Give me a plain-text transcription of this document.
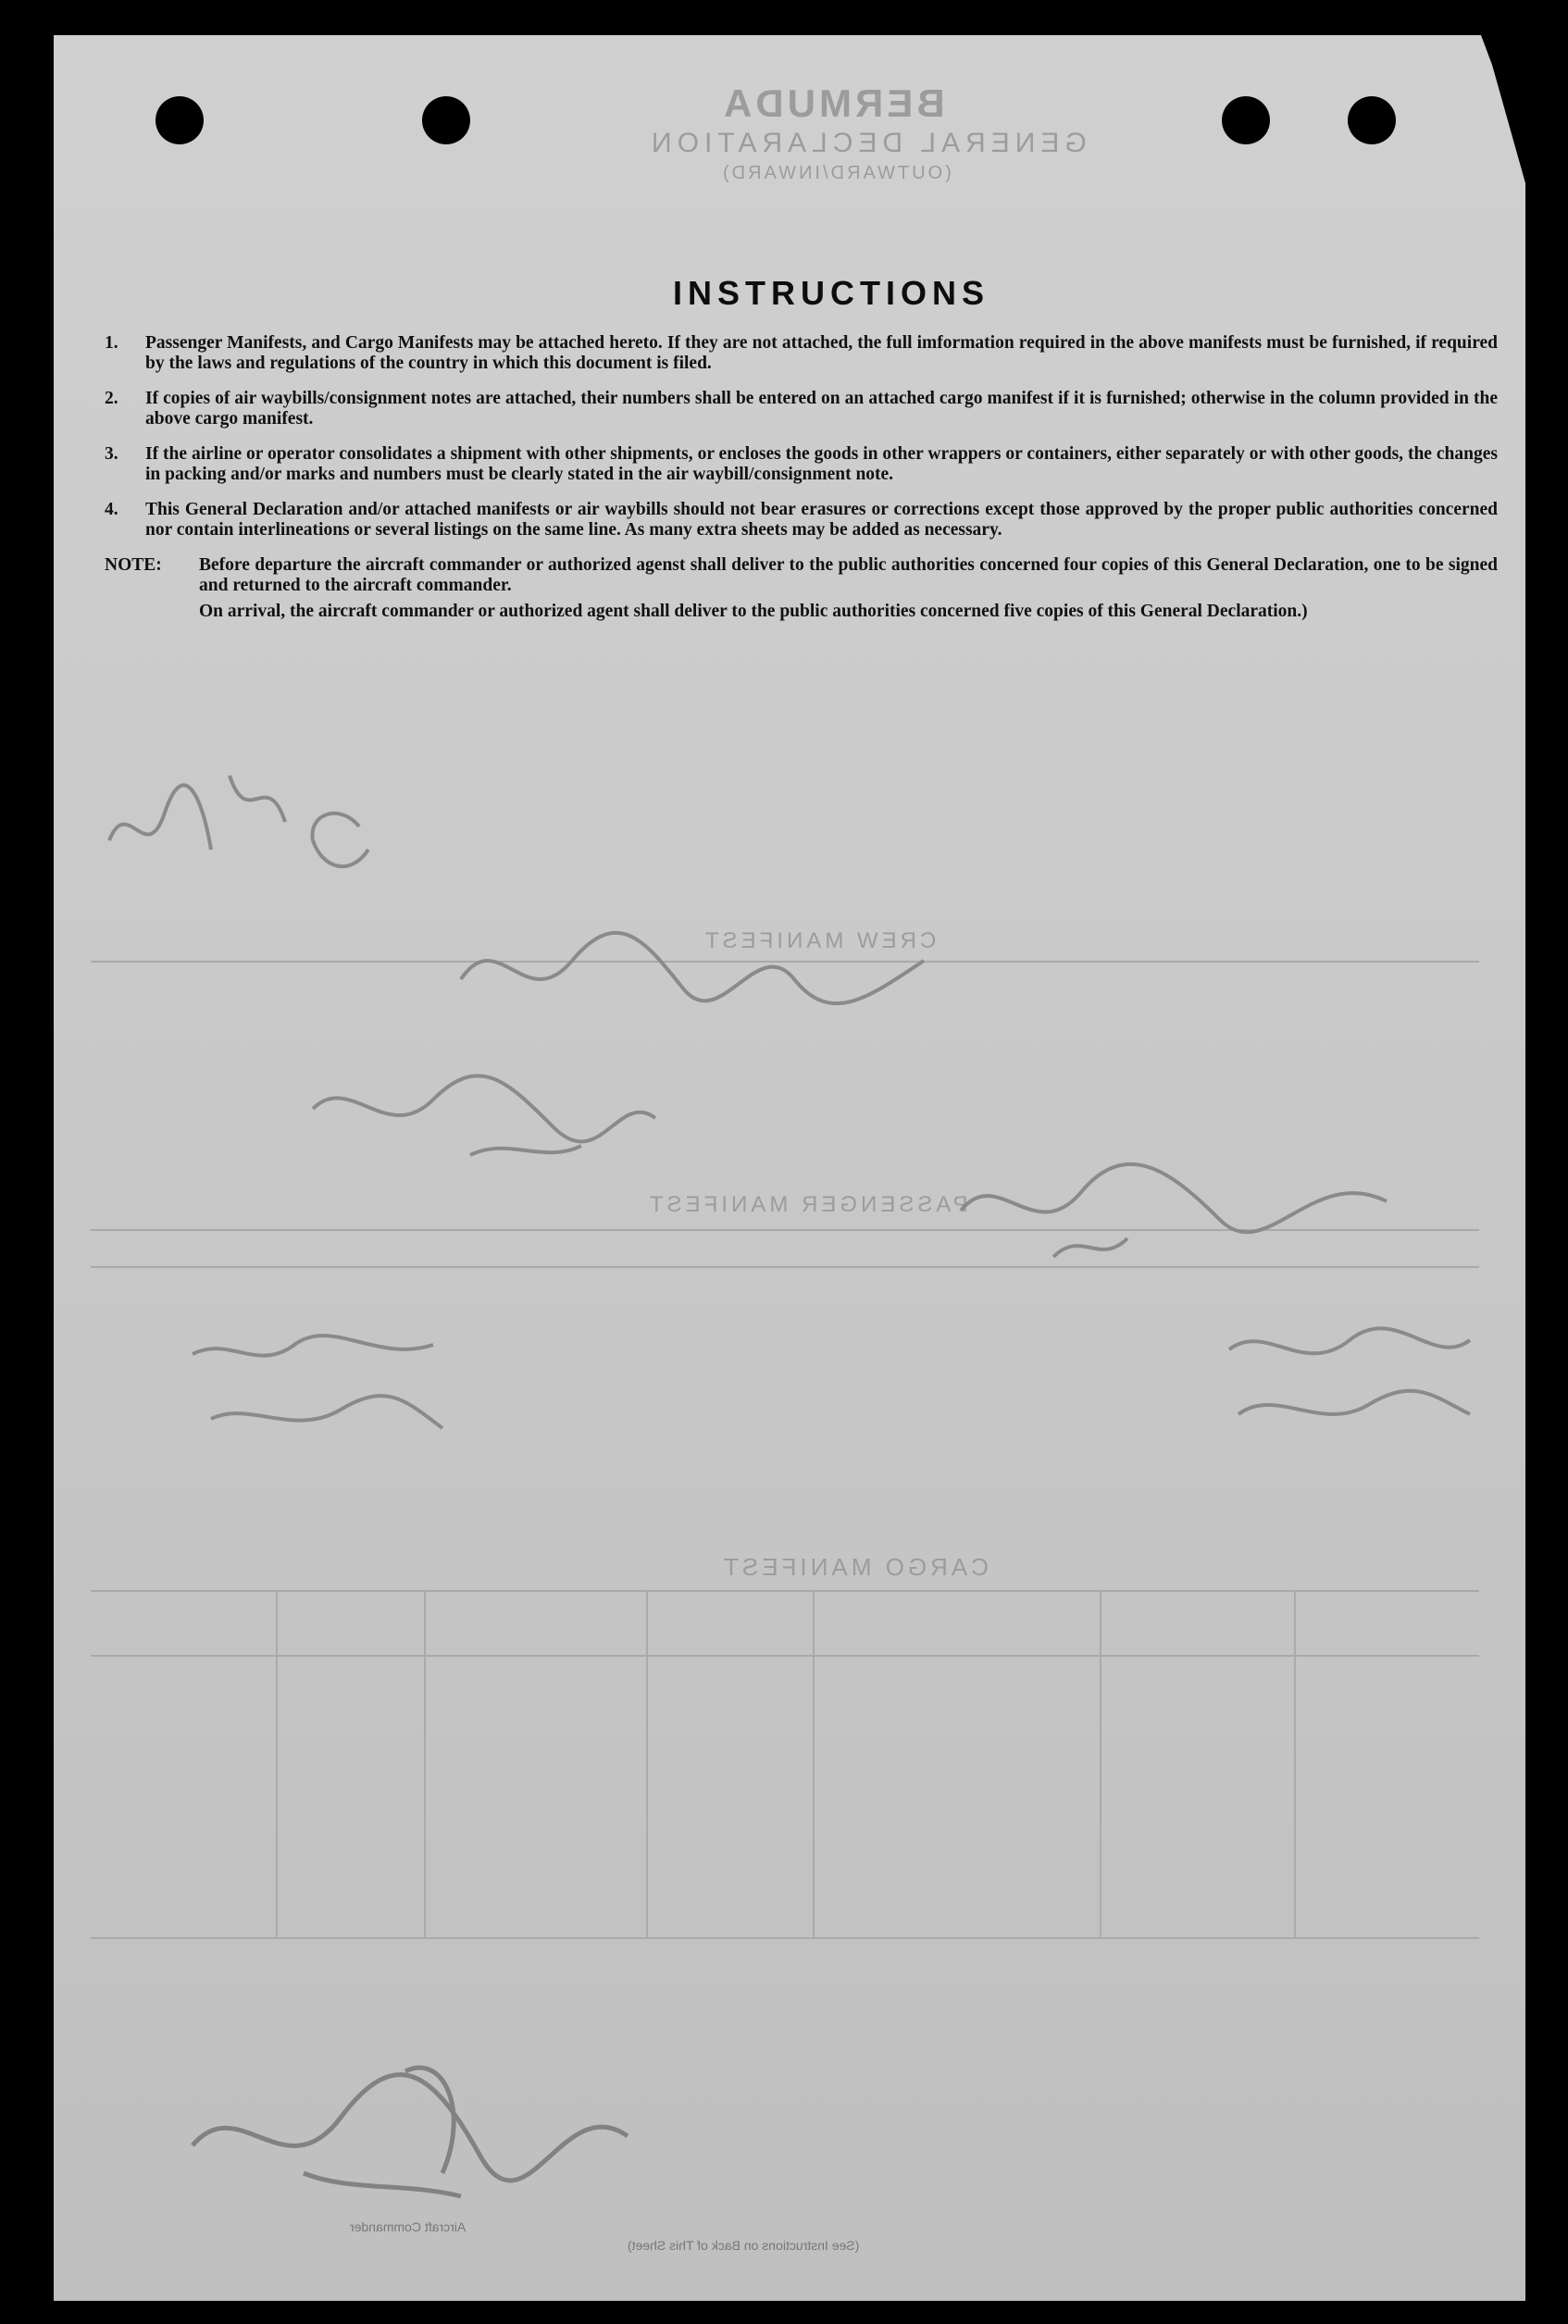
BERMUDA
GENERAL DECLARATION
(OUTWARD/INWARD)
CREW MANIFEST
PASSENGER MANIFEST
CARGO MANIFEST
INSTRUCTIONS
1.	Passenger Manifests, and Cargo Manifests may be attached hereto. If they are not attached, the full imformation required in the above manifests must be furnished, if required by the laws and regulations of the country in which this document is filed.
2.	If copies of air waybills/consignment notes are attached, their numbers shall be entered on an attached cargo manifest if it is furnished; otherwise in the column provided in the above cargo manifest.
3.	If the airline or operator consolidates a shipment with other shipments, or encloses the goods in other wrappers or containers, either separately or with other goods, the changes in packing and/or marks and numbers must be clearly stated in the air waybill/consignment note.
4.	This General Declaration and/or attached manifests or air waybills should not bear erasures or corrections except those approved by the proper public authorities concerned nor contain interlineations or several listings on the same line. As many extra sheets may be added as necessary.
NOTE:	Before departure the aircraft commander or authorized agenst shall deliver to the public authorities concerned four copies of this General Declaration, one to be signed and returned to the aircraft commander.
On arrival, the aircraft commander or authorized agent shall deliver to the public authorities concerned five copies of this General Declaration.)
Aircraft Commander
(See Instructions on Back of This Sheet)
